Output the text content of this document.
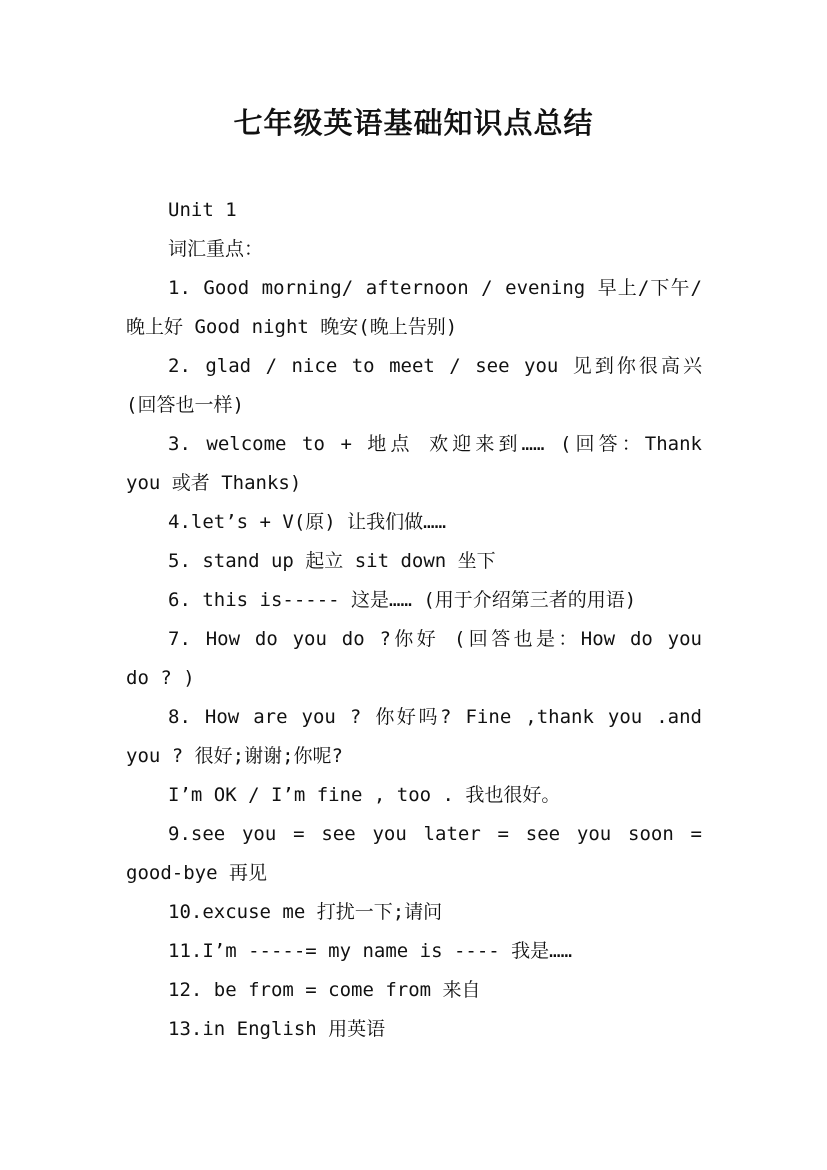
七年级英语基础知识点总结
Unit 1
词汇重点：
1. Good morning/ afternoon / evening 早上/下午/
晚上好 Good night 晚安(晚上告别)
2. glad / nice to meet / see you 见到你很高兴
(回答也一样)
3. welcome to + 地点 欢迎来到…… (回答：Thank
you 或者 Thanks)
4.let’s + V(原) 让我们做……
5. stand up 起立 sit down 坐下
6. this is----- 这是…… (用于介绍第三者的用语)
7. How do you do ?你好 (回答也是：How do you
do ? )
8. How are you ? 你好吗? Fine ,thank you .and
you ? 很好;谢谢;你呢?
I’m OK / I’m fine , too . 我也很好。
9.see you = see you later = see you soon =
good-bye 再见
10.excuse me 打扰一下;请问
11.I’m -----= my name is ---- 我是……
12. be from = come from 来自
13.in English 用英语
